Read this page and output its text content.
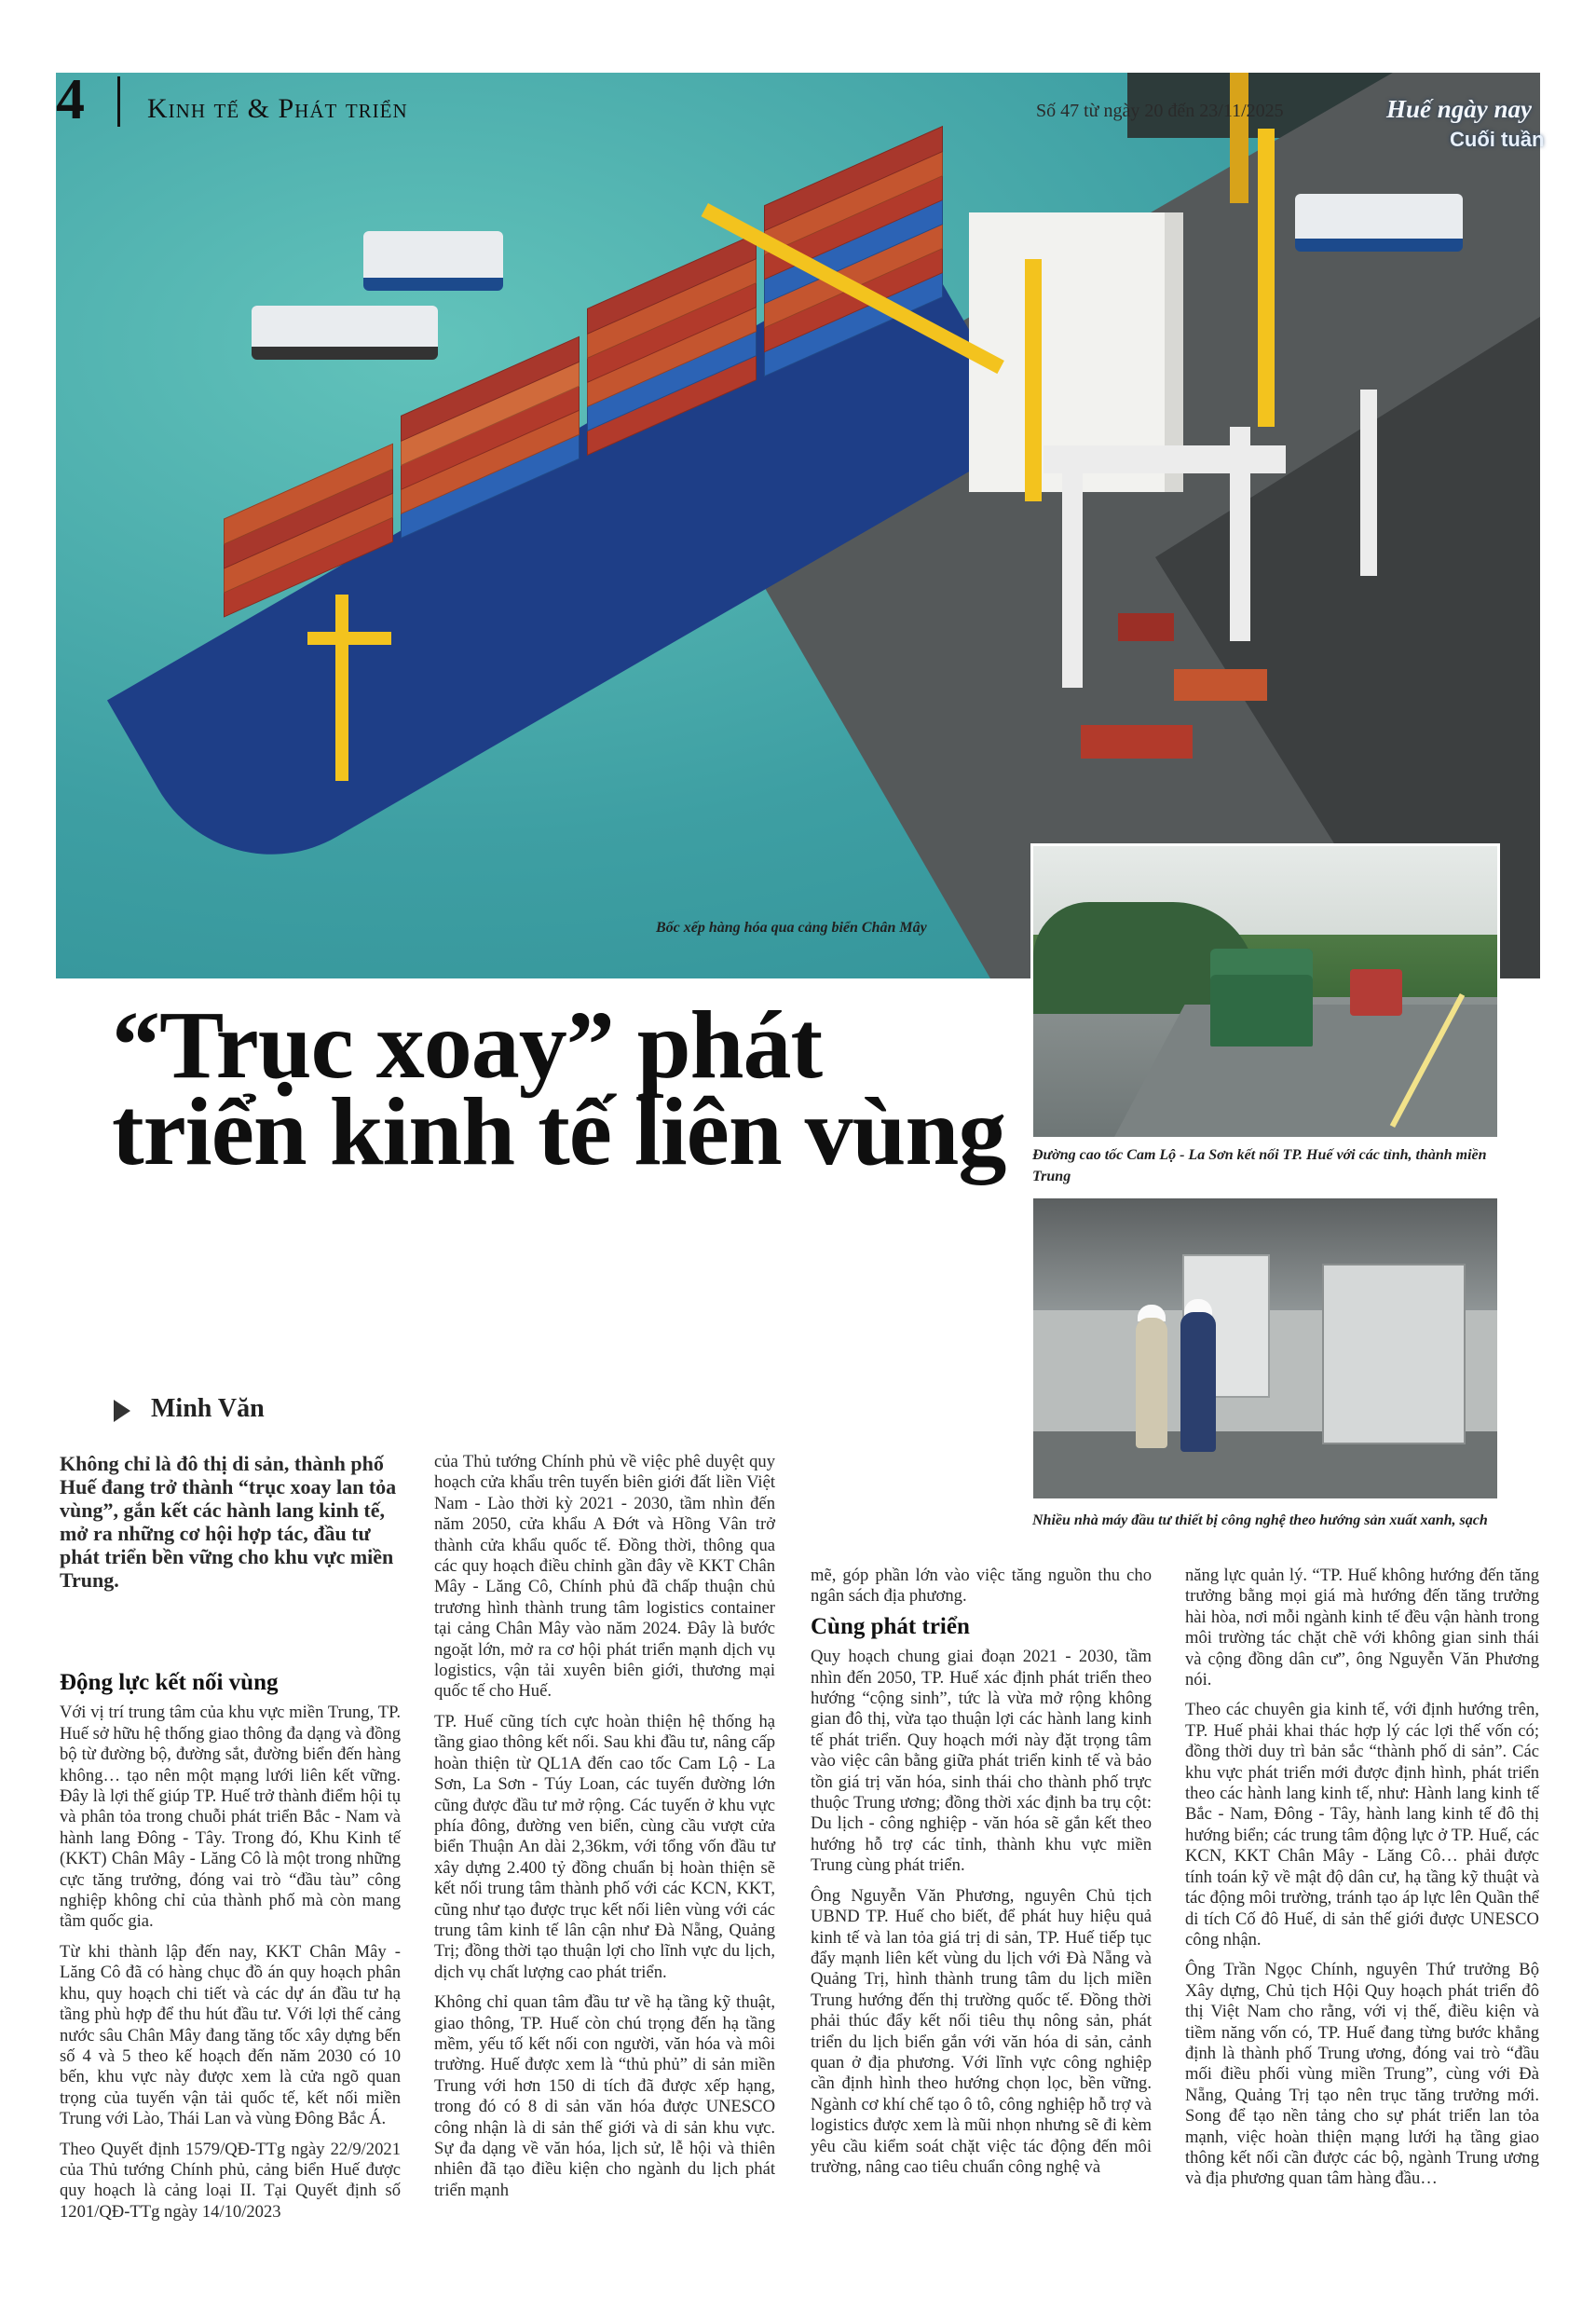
4 Kinh tế & Phát triển	Số 47 từ ngày 20 đến 23/11/2025	Huế ngày nay
Cuối tuần
Bốc xếp hàng hóa qua cảng biển Chân Mây
Đường cao tốc Cam Lộ - La Sơn kết nối TP. Huế với các tỉnh, thành miền Trung
Nhiều nhà máy đầu tư thiết bị công nghệ theo hướng sản xuất xanh, sạch
“Trục xoay” phát triển kinh tế liên vùng
Minh Văn
Không chỉ là đô thị di sản, thành phố Huế đang trở thành “trục xoay lan tỏa vùng”, gắn kết các hành lang kinh tế, mở ra những cơ hội hợp tác, đầu tư phát triển bền vững cho khu vực miền Trung.
Động lực kết nối vùng

Với vị trí trung tâm của khu vực miền Trung, TP. Huế sở hữu hệ thống giao thông đa dạng và đồng bộ từ đường bộ, đường sắt, đường biển đến hàng không… tạo nên một mạng lưới liên kết vững. Đây là lợi thế giúp TP. Huế trở thành điểm hội tụ và phân tỏa trong chuỗi phát triển Bắc - Nam và hành lang Đông - Tây. Trong đó, Khu Kinh tế (KKT) Chân Mây - Lăng Cô là một trong những cực tăng trưởng, đóng vai trò “đầu tàu” công nghiệp không chỉ của thành phố mà còn mang tầm quốc gia.

Từ khi thành lập đến nay, KKT Chân Mây - Lăng Cô đã có hàng chục đồ án quy hoạch phân khu, quy hoạch chi tiết và các dự án đầu tư hạ tầng phù hợp để thu hút đầu tư. Với lợi thế cảng nước sâu Chân Mây đang tăng tốc xây dựng bến số 4 và 5 theo kế hoạch đến năm 2030 có 10 bến, khu vực này được xem là cửa ngõ quan trọng của tuyến vận tải quốc tế, kết nối miền Trung với Lào, Thái Lan và vùng Đông Bắc Á.

Theo Quyết định 1579/QĐ-TTg ngày 22/9/2021 của Thủ tướng Chính phủ, cảng biển Huế được quy hoạch là cảng loại II. Tại Quyết định số 1201/QĐ-TTg ngày 14/10/2023

của Thủ tướng Chính phủ về việc phê duyệt quy hoạch cửa khẩu trên tuyến biên giới đất liền Việt Nam - Lào thời kỳ 2021 - 2030, tầm nhìn đến năm 2050, cửa khẩu A Đớt và Hồng Vân trở thành cửa khẩu quốc tế. Đồng thời, thông qua các quy hoạch điều chỉnh gần đây về KKT Chân Mây - Lăng Cô, Chính phủ đã chấp thuận chủ trương hình thành trung tâm logistics container tại cảng Chân Mây vào năm 2024. Đây là bước ngoặt lớn, mở ra cơ hội phát triển mạnh dịch vụ logistics, vận tải xuyên biên giới, thương mại quốc tế cho Huế.

TP. Huế cũng tích cực hoàn thiện hệ thống hạ tầng giao thông kết nối. Sau khi đầu tư, nâng cấp hoàn thiện từ QL1A đến cao tốc Cam Lộ - La Sơn, La Sơn - Túy Loan, các tuyến đường lớn cũng được đầu tư mở rộng. Các tuyến ở khu vực phía đông, đường ven biển, cùng cầu vượt cửa biển Thuận An dài 2,36km, với tổng vốn đầu tư xây dựng 2.400 tỷ đồng chuẩn bị hoàn thiện sẽ kết nối trung tâm thành phố với các KCN, KKT, cũng như tạo được trục kết nối liên vùng với các trung tâm kinh tế lân cận như Đà Nẵng, Quảng Trị; đồng thời tạo thuận lợi cho lĩnh vực du lịch, dịch vụ chất lượng cao phát triển.

Không chỉ quan tâm đầu tư về hạ tầng kỹ thuật, giao thông, TP. Huế còn chú trọng đến hạ tầng mềm, yếu tố kết nối con người, văn hóa và môi trường. Huế được xem là “thủ phủ” di sản miền Trung với hơn 150 di tích đã được xếp hạng, trong đó có 8 di sản văn hóa được UNESCO công nhận là di sản thế giới và di sản khu vực. Sự đa dạng về văn hóa, lịch sử, lễ hội và thiên nhiên đã tạo điều kiện cho ngành du lịch phát triển mạnh

mẽ, góp phần lớn vào việc tăng nguồn thu cho ngân sách địa phương.

Cùng phát triển

Quy hoạch chung giai đoạn 2021 - 2030, tầm nhìn đến 2050, TP. Huế xác định phát triển theo hướng “cộng sinh”, tức là vừa mở rộng không gian đô thị, vừa tạo thuận lợi các hành lang kinh tế phát triển. Quy hoạch mới này đặt trọng tâm vào việc cân bằng giữa phát triển kinh tế và bảo tồn giá trị văn hóa, sinh thái cho thành phố trực thuộc Trung ương; đồng thời xác định ba trụ cột: Du lịch - công nghiệp - văn hóa sẽ gắn kết theo hướng hỗ trợ các tỉnh, thành khu vực miền Trung cùng phát triển.

Ông Nguyễn Văn Phương, nguyên Chủ tịch UBND TP. Huế cho biết, để phát huy hiệu quả kinh tế và lan tỏa giá trị di sản, TP. Huế tiếp tục đẩy mạnh liên kết vùng du lịch với Đà Nẵng và Quảng Trị, hình thành trung tâm du lịch miền Trung hướng đến thị trường quốc tế. Đồng thời phải thúc đẩy kết nối tiêu thụ nông sản, phát triển du lịch biển gắn với văn hóa di sản, cảnh quan ở địa phương. Với lĩnh vực công nghiệp cần định hình theo hướng chọn lọc, bền vững. Ngành cơ khí chế tạo ô tô, công nghiệp hỗ trợ và logistics được xem là mũi nhọn nhưng sẽ đi kèm yêu cầu kiểm soát chặt việc tác động đến môi trường, nâng cao tiêu chuẩn công nghệ và

năng lực quản lý. “TP. Huế không hướng đến tăng trưởng bằng mọi giá mà hướng đến tăng trưởng hài hòa, nơi mỗi ngành kinh tế đều vận hành trong môi trường tác chặt chẽ với không gian sinh thái và cộng đồng dân cư”, ông Nguyễn Văn Phương nói.

Theo các chuyên gia kinh tế, với định hướng trên, TP. Huế phải khai thác hợp lý các lợi thế vốn có; đồng thời duy trì bản sắc “thành phố di sản”. Các khu vực phát triển mới được định hình, phát triển theo các hành lang kinh tế, như: Hành lang kinh tế Bắc - Nam, Đông - Tây, hành lang kinh tế đô thị hướng biển; các trung tâm động lực ở TP. Huế, các KCN, KKT Chân Mây - Lăng Cô… phải được tính toán kỹ về mật độ dân cư, hạ tầng kỹ thuật và tác động môi trường, tránh tạo áp lực lên Quần thể di tích Cố đô Huế, di sản thế giới được UNESCO công nhận.

Ông Trần Ngọc Chính, nguyên Thứ trưởng Bộ Xây dựng, Chủ tịch Hội Quy hoạch phát triển đô thị Việt Nam cho rằng, với vị thế, điều kiện và tiềm năng vốn có, TP. Huế đang từng bước khẳng định là thành phố Trung ương, đóng vai trò “đầu mối điều phối vùng miền Trung”, cùng với Đà Nẵng, Quảng Trị tạo nên trục tăng trưởng mới. Song để tạo nền tảng cho sự phát triển lan tỏa mạnh, việc hoàn thiện mạng lưới hạ tầng giao thông kết nối cần được các bộ, ngành Trung ương và địa phương quan tâm hàng đầu…
